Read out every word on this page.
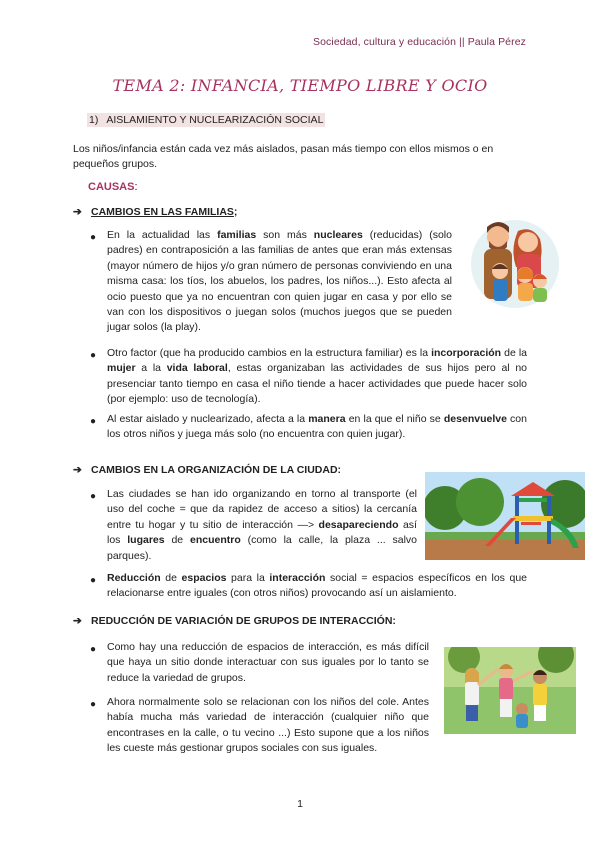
Sociedad, cultura y educación || Paula Pérez
TEMA 2: INFANCIA, TIEMPO LIBRE Y OCIO
1) AISLAMIENTO Y NUCLEARIZACIÓN SOCIAL
Los niños/infancia están cada vez más aislados, pasan más tiempo con ellos mismos o en pequeños grupos.
CAUSAS:
➔ CAMBIOS EN LAS FAMILIAS;
● En la actualidad las familias son más nucleares (reducidas) (solo padres) en contraposición a las familias de antes que eran más extensas (mayor número de hijos y/o gran número de personas conviviendo en una misma casa: los tíos, los abuelos, los padres, los niños...). Esto afecta al ocio puesto que ya no encuentran con quien jugar en casa y por ello se van con los dispositivos o juegan solos (muchos juegos que se pueden jugar solos (la play).
● Otro factor (que ha producido cambios en la estructura familiar) es la incorporación de la mujer a la vida laboral, estas organizaban las actividades de sus hijos pero al no presenciar tanto tiempo en casa el niño tiende a hacer actividades que puede hacer solo (por ejemplo: uso de tecnología).
● Al estar aislado y nuclearizado, afecta a la manera en la que el niño se desenvuelve con los otros niños y juega más solo (no encuentra con quien jugar).
➔ CAMBIOS EN LA ORGANIZACIÓN DE LA CIUDAD:
● Las ciudades se han ido organizando en torno al transporte (el uso del coche = que da rapidez de acceso a sitios) la cercanía entre tu hogar y tu sitio de interacción —> desapareciendo así los lugares de encuentro (como la calle, la plaza ... salvo parques).
● Reducción de espacios para la interacción social = espacios específicos en los que relacionarse entre iguales (con otros niños) provocando así un aislamiento.
➔ REDUCCIÓN DE VARIACIÓN DE GRUPOS DE INTERACCIÓN:
● Como hay una reducción de espacios de interacción, es más difícil que haya un sitio donde interactuar con sus iguales por lo tanto se reduce la variedad de grupos.
● Ahora normalmente solo se relacionan con los niños del cole. Antes había mucha más variedad de interacción (cualquier niño que encontrases en la calle, o tu vecino ...) Esto supone que a los niños les cueste más gestionar grupos sociales con sus iguales.
1
